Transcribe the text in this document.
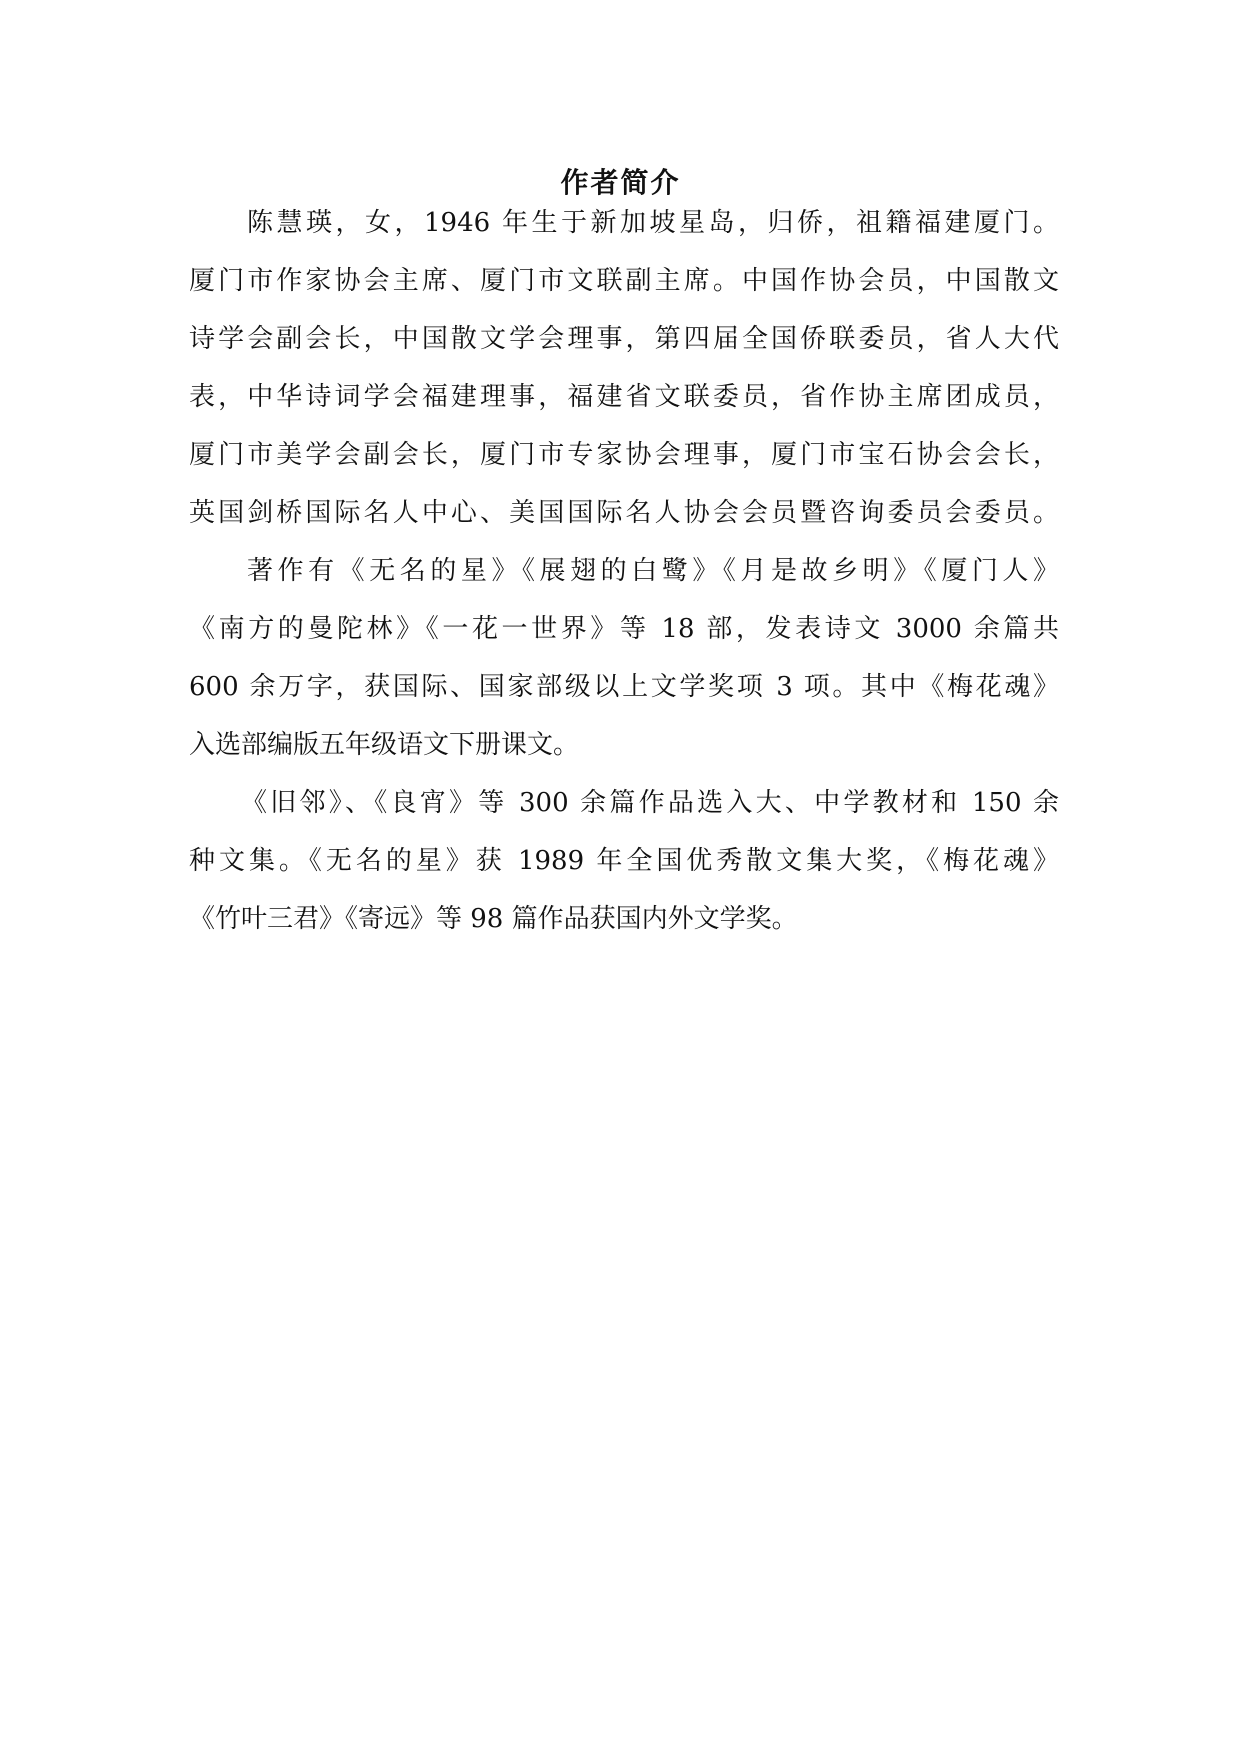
作者简介

陈慧瑛，女，1946 年生于新加坡星岛，归侨，祖籍福建厦门。

厦门市作家协会主席、厦门市文联副主席。中国作协会员，中国散文

诗学会副会长，中国散文学会理事，第四届全国侨联委员，省人大代

表，中华诗词学会福建理事，福建省文联委员，省作协主席团成员，

厦门市美学会副会长，厦门市专家协会理事，厦门市宝石协会会长，

英国剑桥国际名人中心、美国国际名人协会会员暨咨询委员会委员。

著作有《无名的星》《展翅的白鹭》《月是故乡明》《厦门人》

《南方的曼陀林》《一花一世界》等 18 部，发表诗文 3000 余篇共

600 余万字，获国际、国家部级以上文学奖项 3 项。其中《梅花魂》

入选部编版五年级语文下册课文。

《旧邻》、《良宵》等 300 余篇作品选入大、中学教材和 150 余

种文集。《无名的星》获 1989 年全国优秀散文集大奖，《梅花魂》

《竹叶三君》《寄远》等 98 篇作品获国内外文学奖。
